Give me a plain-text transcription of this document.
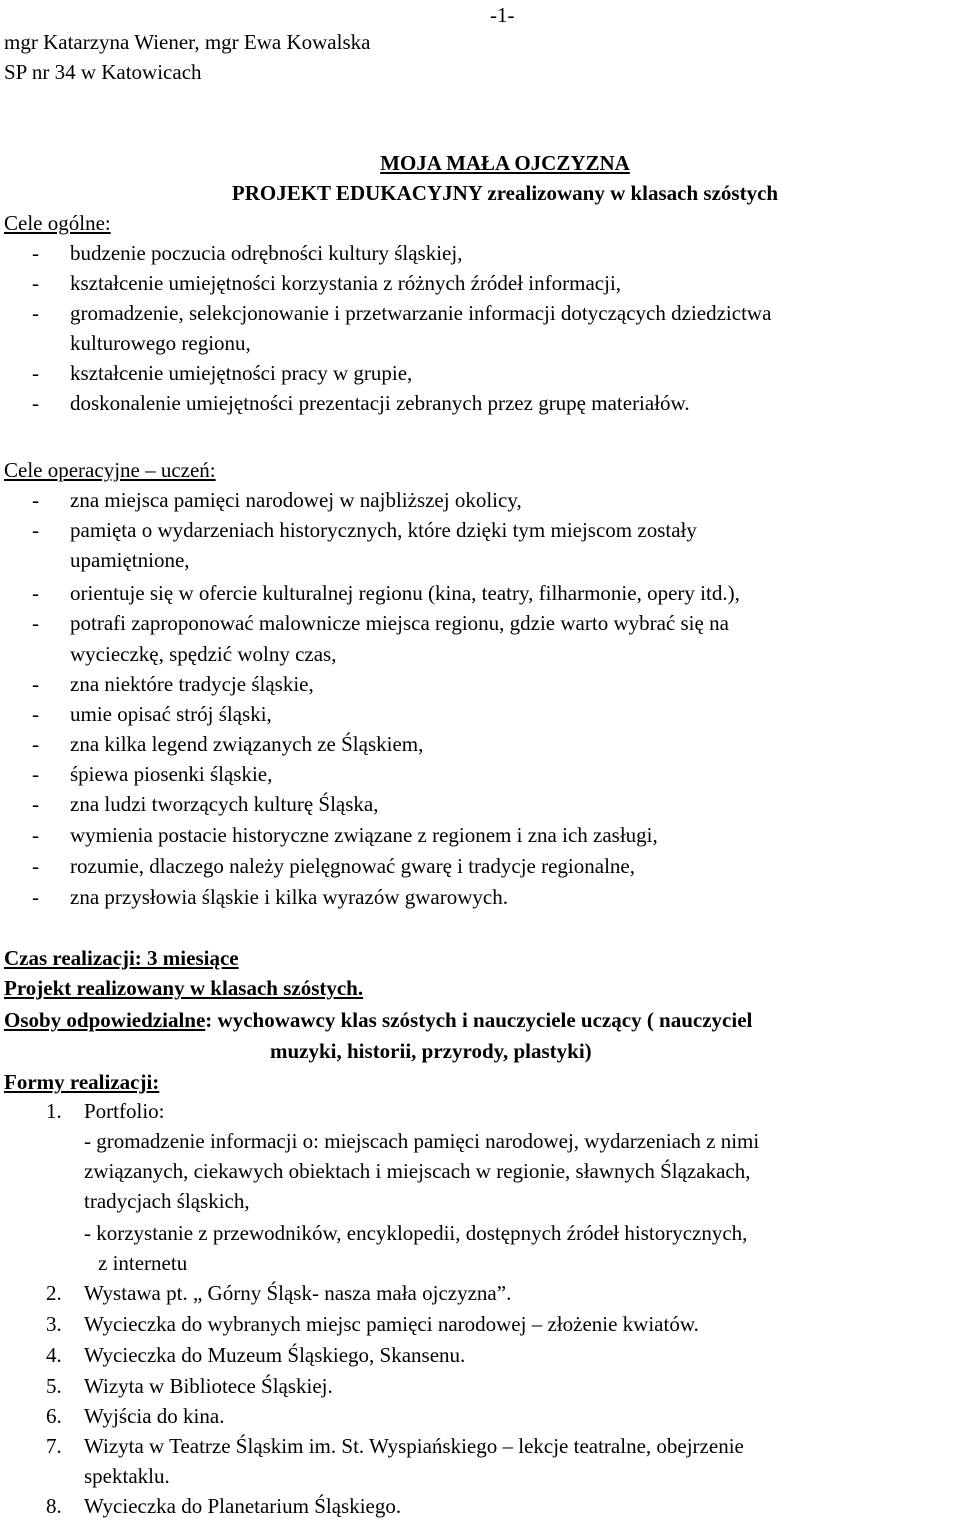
-1-
mgr Katarzyna Wiener, mgr Ewa Kowalska
SP nr 34 w Katowicach
MOJA MAŁA OJCZYZNA
PROJEKT EDUKACYJNY zrealizowany w klasach szóstych
Cele ogólne:
- budzenie poczucia odrębności kultury śląskiej,
- kształcenie umiejętności korzystania z różnych źródeł informacji,
- gromadzenie, selekcjonowanie i przetwarzanie informacji dotyczących dziedzictwa
kulturowego regionu,
- kształcenie umiejętności pracy w grupie,
- doskonalenie umiejętności prezentacji zebranych przez grupę materiałów.
Cele operacyjne – uczeń:
- zna miejsca pamięci narodowej w najbliższej okolicy,
- pamięta o wydarzeniach historycznych, które dzięki tym miejscom zostały
upamiętnione,
- orientuje się w ofercie kulturalnej regionu (kina, teatry, filharmonie, opery itd.),
- potrafi zaproponować malownicze miejsca regionu, gdzie warto wybrać się na
wycieczkę, spędzić wolny czas,
- zna niektóre tradycje śląskie,
- umie opisać strój śląski,
- zna kilka legend związanych ze Śląskiem,
- śpiewa piosenki śląskie,
- zna ludzi tworzących kulturę Śląska,
- wymienia postacie historyczne związane z regionem i zna ich zasługi,
- rozumie, dlaczego należy pielęgnować gwarę i tradycje regionalne,
- zna przysłowia śląskie i kilka wyrazów gwarowych.
Czas realizacji: 3 miesiące
Projekt realizowany w klasach szóstych.
Osoby odpowiedzialne: wychowawcy klas szóstych i nauczyciele uczący ( nauczyciel
muzyki, historii, przyrody, plastyki)
Formy realizacji:
1. Portfolio:
- gromadzenie informacji o: miejscach pamięci narodowej, wydarzeniach z nimi
związanych, ciekawych obiektach i miejscach w regionie, sławnych Ślązakach,
tradycjach śląskich,
- korzystanie z przewodników, encyklopedii, dostępnych źródeł historycznych,
z internetu
2. Wystawa pt. „ Górny Śląsk- nasza mała ojczyzna”.
3. Wycieczka do wybranych miejsc pamięci narodowej – złożenie kwiatów.
4. Wycieczka do Muzeum Śląskiego, Skansenu.
5. Wizyta w Bibliotece Śląskiej.
6. Wyjścia do kina.
7. Wizyta w Teatrze Śląskim im. St. Wyspiańskiego – lekcje teatralne, obejrzenie
spektaklu.
8. Wycieczka do Planetarium Śląskiego.
